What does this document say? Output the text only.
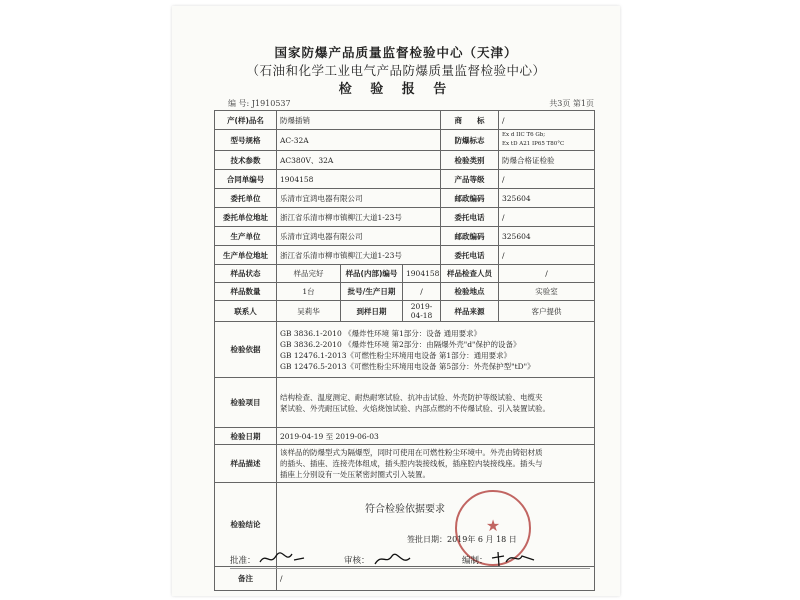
国家防爆产品质量监督检验中心（天津）
（石油和化学工业电气产品防爆质量监督检验中心）
检 验 报 告
编 号: J1910537	共3页 第1页
产(样)品名	防爆插销			商　　标	/
型号规格	AC-32A			防爆标志	Ex d IIC T6 Gb;
Ex tD A21 IP65 T80°C

技术参数	AC380V、32A			检验类别	防爆合格证检验
合同单编号	1904158			产品等级	/
委托单位	乐清市宜鸿电器有限公司			邮政编码	325604
委托单位地址	浙江省乐清市柳市镇柳江大道1-23号			委托电话	/
生产单位	乐清市宜鸿电器有限公司			邮政编码	325604
生产单位地址	浙江省乐清市柳市镇柳江大道1-23号			委托电话	/
样品状态	样品完好	样品(内部)编号	1904158	样品检查人员	/
样品数量	1台	批号/生产日期	/	检验地点	实验室
联系人	吴莉华	到样日期	2019-04-18	样品来源	客户提供
检验依据	GB 3836.1-2010 《爆炸性环境 第1部分：设备 通用要求》
GB 3836.2-2010 《爆炸性环境 第2部分：由隔爆外壳"d"保护的设备》
GB 12476.1-2013《可燃性粉尘环境用电设备 第1部分：通用要求》
GB 12476.5-2013《可燃性粉尘环境用电设备 第5部分：外壳保护型"tD"》				

检验项目	结构检查、温度测定、耐热耐寒试验、抗冲击试验、外壳防护等级试验、电缆夹
紧试验、外壳耐压试验、火焰烧蚀试验、内部点燃的不传爆试验、引入装置试验。				

检验日期	2019-04-19 至 2019-06-03				
样品描述	该样品的防爆型式为隔爆型，同时可使用在可燃性粉尘环境中。外壳由铸铝材质
的插头、插座、连接壳体组成，插头腔内装接线板，插座腔内装接线座。插头与
插座上分别设有一处压紧密封圈式引入装置。				

检验结论	符合检验依据要求
签批日期：2019年 6 月 18 日
★				

备注	/				
批准：	审核：	编制：
